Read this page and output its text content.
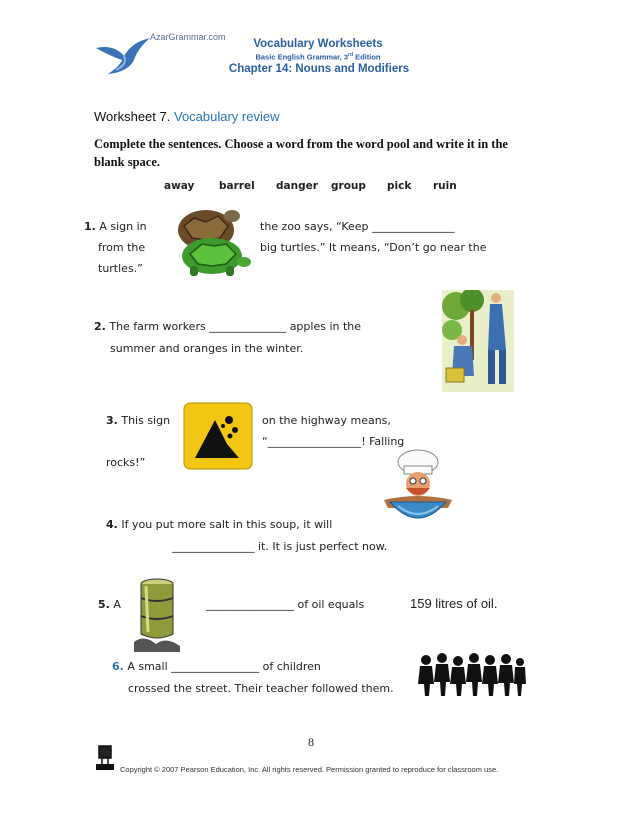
AzarGrammar.com
Vocabulary Worksheets
Basic English Grammar, 3rd Edition
Chapter 14: Nouns and Modifiers
Worksheet 7. Vocabulary review
Complete the sentences. Choose a word from the word pool and write it in the blank space.
away barrel danger group pick ruin
1. A sign in	the zoo says, “Keep _______________
from the	big turtles.” It means, “Don’t go near the
turtles.”
2. The farm workers ______________ apples in the
summer and oranges in the winter.
3. This sign	on the highway means,
“_________________! Falling
rocks!”
4. If you put more salt in this soup, it will
_______________ it. It is just perfect now.
5. A	________________ of oil equals	159 litres of oil.
6. A small ________________ of children
crossed the street. Their teacher followed them.
8
Copyright © 2007 Pearson Education, Inc. All rights reserved. Permission granted to reproduce for classroom use.
